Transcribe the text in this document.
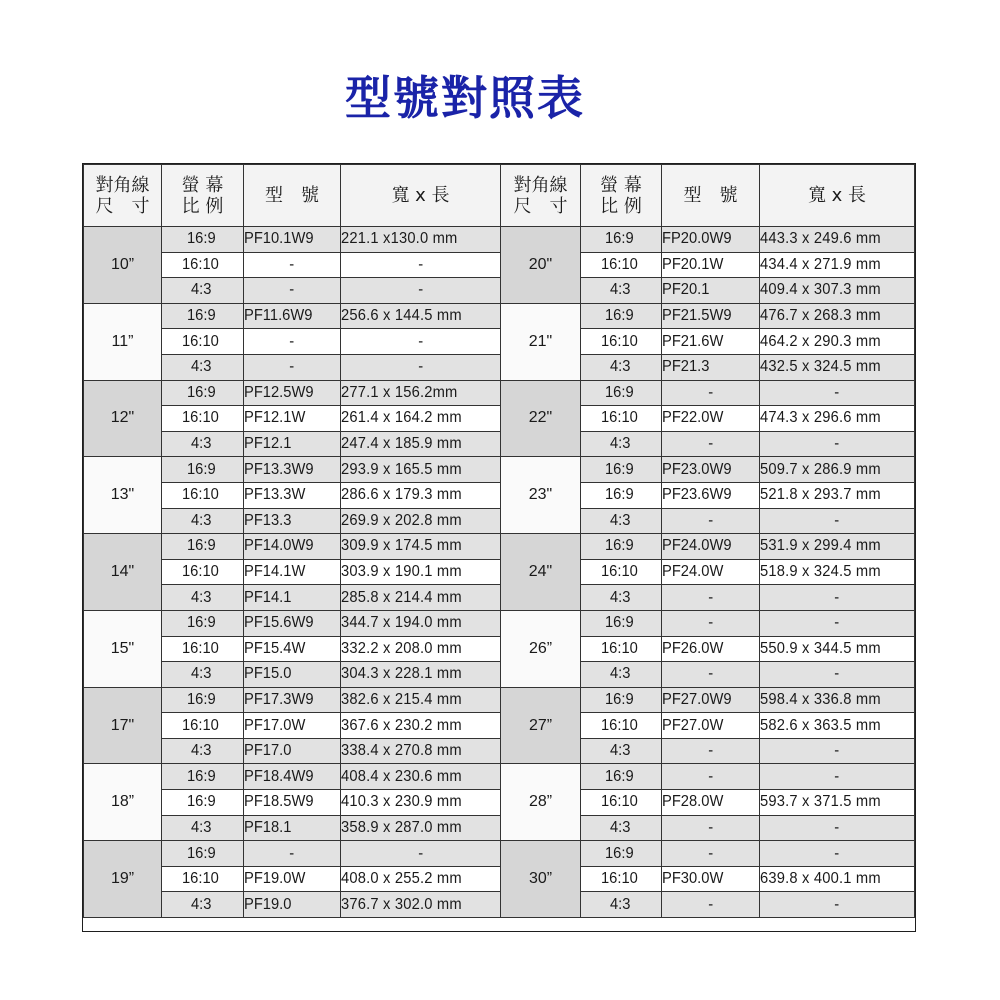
型號對照表
對角線
尺　寸	螢 幕
比 例	型　號	寬 x 長
10”	16:9	PF10.1W9	221.1 x130.0 mm
	16:10	-	-
	4:3	-	-
11”	16:9	PF11.6W9	256.6 x 144.5 mm
	16:10	-	-
	4:3	-	-
12"	16:9	PF12.5W9	277.1 x 156.2mm
	16:10	PF12.1W	261.4 x 164.2 mm
	4:3	PF12.1	247.4 x 185.9 mm
13"	16:9	PF13.3W9	293.9 x 165.5 mm
	16:10	PF13.3W	286.6 x 179.3 mm
	4:3	PF13.3	269.9 x 202.8 mm
14"	16:9	PF14.0W9	309.9 x 174.5 mm
	16:10	PF14.1W	303.9 x 190.1 mm
	4:3	PF14.1	285.8 x 214.4 mm
15"	16:9	PF15.6W9	344.7 x 194.0 mm
	16:10	PF15.4W	332.2 x 208.0 mm
	4:3	PF15.0	304.3 x 228.1 mm
17"	16:9	PF17.3W9	382.6 x 215.4 mm
	16:10	PF17.0W	367.6 x 230.2 mm
	4:3	PF17.0	338.4 x 270.8 mm
18”	16:9	PF18.4W9	408.4 x 230.6 mm
	16:9	PF18.5W9	410.3 x 230.9 mm
	4:3	PF18.1	358.9 x 287.0 mm
19”	16:9	-	-
	16:10	PF19.0W	408.0 x 255.2 mm
	4:3	PF19.0	376.7 x 302.0 mm
對角線
尺　寸	螢 幕
比 例	型　號	寬 x 長
20"	16:9	FP20.0W9	443.3 x 249.6 mm
	16:10	PF20.1W	434.4 x 271.9 mm
	4:3	PF20.1	409.4 x 307.3 mm
21"	16:9	PF21.5W9	476.7 x 268.3 mm
	16:10	PF21.6W	464.2 x 290.3 mm
	4:3	PF21.3	432.5 x 324.5 mm
22"	16:9	-	-
	16:10	PF22.0W	474.3 x 296.6 mm
	4:3	-	-
23"	16:9	PF23.0W9	509.7 x 286.9 mm
	16:9	PF23.6W9	521.8 x 293.7 mm
	4:3	-	-
24"	16:9	PF24.0W9	531.9 x 299.4 mm
	16:10	PF24.0W	518.9 x 324.5 mm
	4:3	-	-
26”	16:9	-	-
	16:10	PF26.0W	550.9 x 344.5 mm
	4:3	-	-
27”	16:9	PF27.0W9	598.4 x 336.8 mm
	16:10	PF27.0W	582.6 x 363.5 mm
	4:3	-	-
28”	16:9	-	-
	16:10	PF28.0W	593.7 x 371.5 mm
	4:3	-	-
30”	16:9	-	-
	16:10	PF30.0W	639.8 x 400.1 mm
	4:3	-	-
